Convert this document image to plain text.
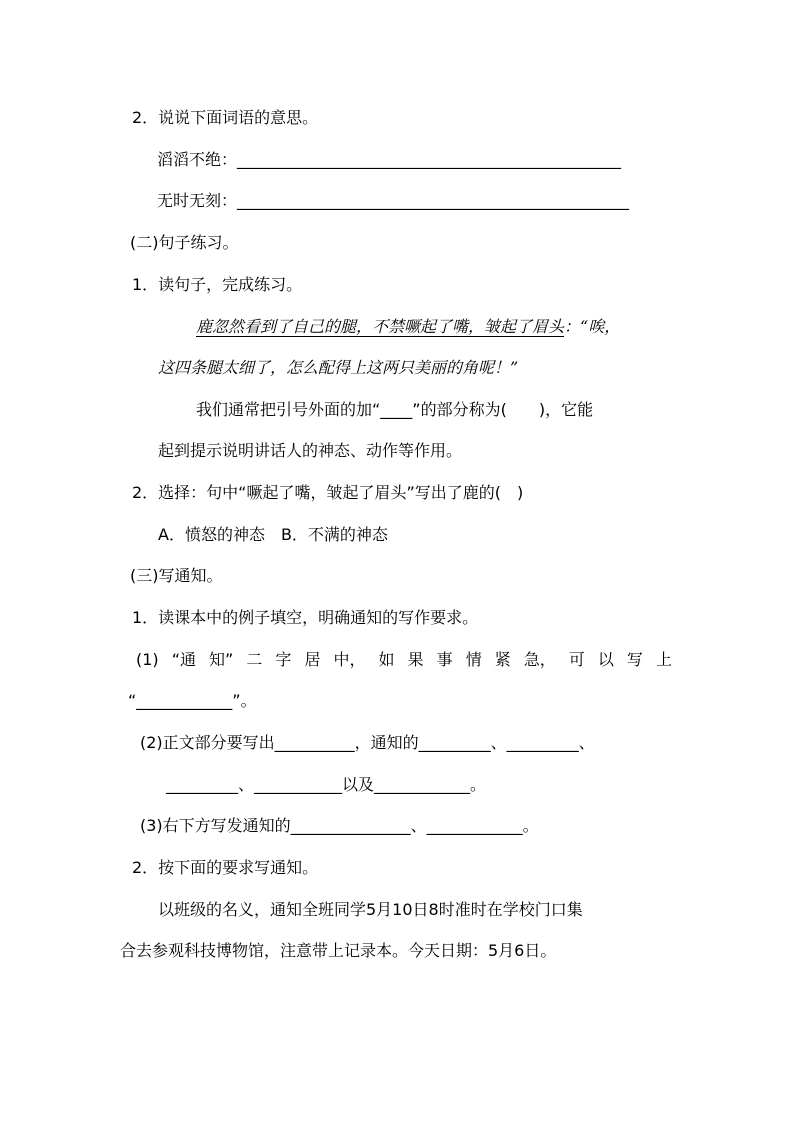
2．说说下面词语的意思。
滔滔不绝：________________________________________________
无时无刻：_________________________________________________
(二)句子练习。
1．读句子，完成练习。
鹿忽然看到了自己的腿，不禁噘起了嘴，皱起了眉头：“唉，
这四条腿太细了，怎么配得上这两只美丽的角呢！”
我们通常把引号外面的加“____”的部分称为(　　)，它能
起到提示说明讲话人的神态、动作等作用。
2．选择：句中“噘起了嘴，皱起了眉头”写出了鹿的(　)
A．愤怒的神态　B．不满的神态
(三)写通知。
1．读课本中的例子填空，明确通知的写作要求。
(1) “通 知” 二 字 居 中， 如 果 事 情 紧 急， 可 以 写 上
“____________”。
(2)正文部分要写出__________，通知的_________、_________、
_________、___________以及____________。
(3)右下方写发通知的_______________、____________。
2．按下面的要求写通知。
以班级的名义，通知全班同学5月10日8时准时在学校门口集
合去参观科技博物馆，注意带上记录本。今天日期：5月6日。
